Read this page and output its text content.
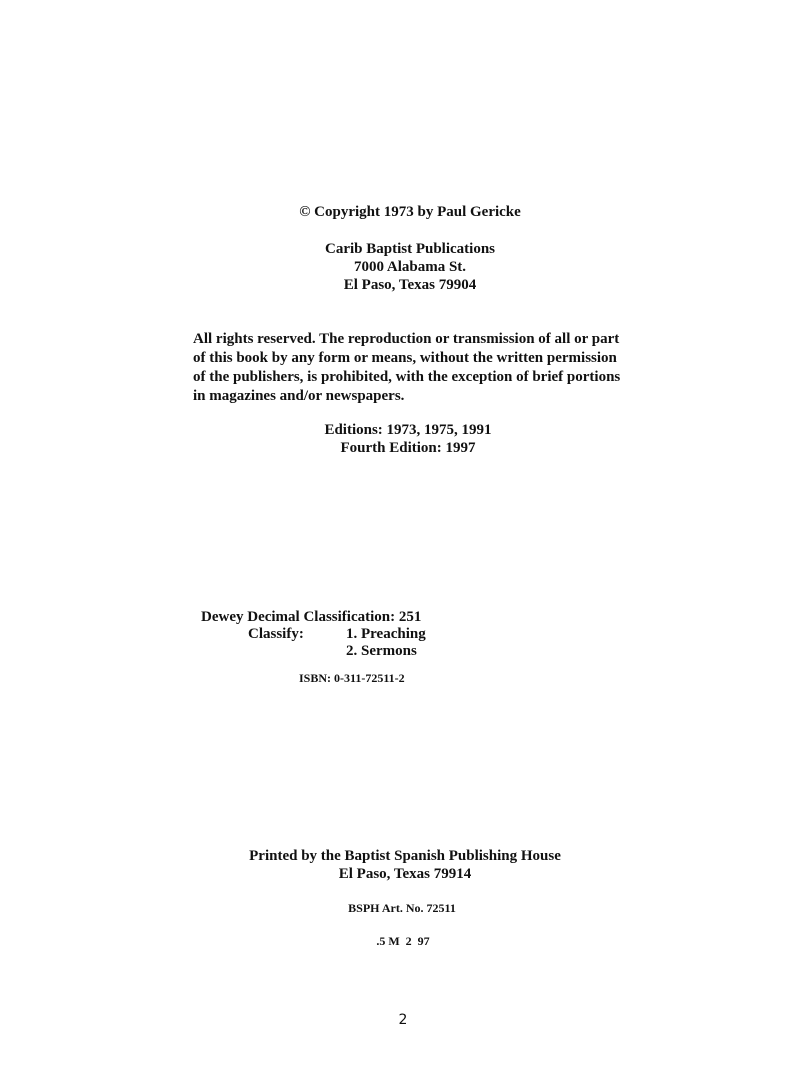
© Copyright 1973 by Paul Gericke
Carib Baptist Publications
7000 Alabama St.
El Paso, Texas 79904
All rights reserved. The reproduction or transmission of all or part
of this book by any form or means, without the written permission
of the publishers, is prohibited, with the exception of brief portions
in magazines and/or newspapers.
Editions: 1973, 1975, 1991
Fourth Edition: 1997
Dewey Decimal Classification: 251
Classify:	1. Preaching
2. Sermons
ISBN: 0-311-72511-2
Printed by the Baptist Spanish Publishing House
El Paso, Texas 79914
BSPH Art. No. 72511
.5 M  2  97
2
